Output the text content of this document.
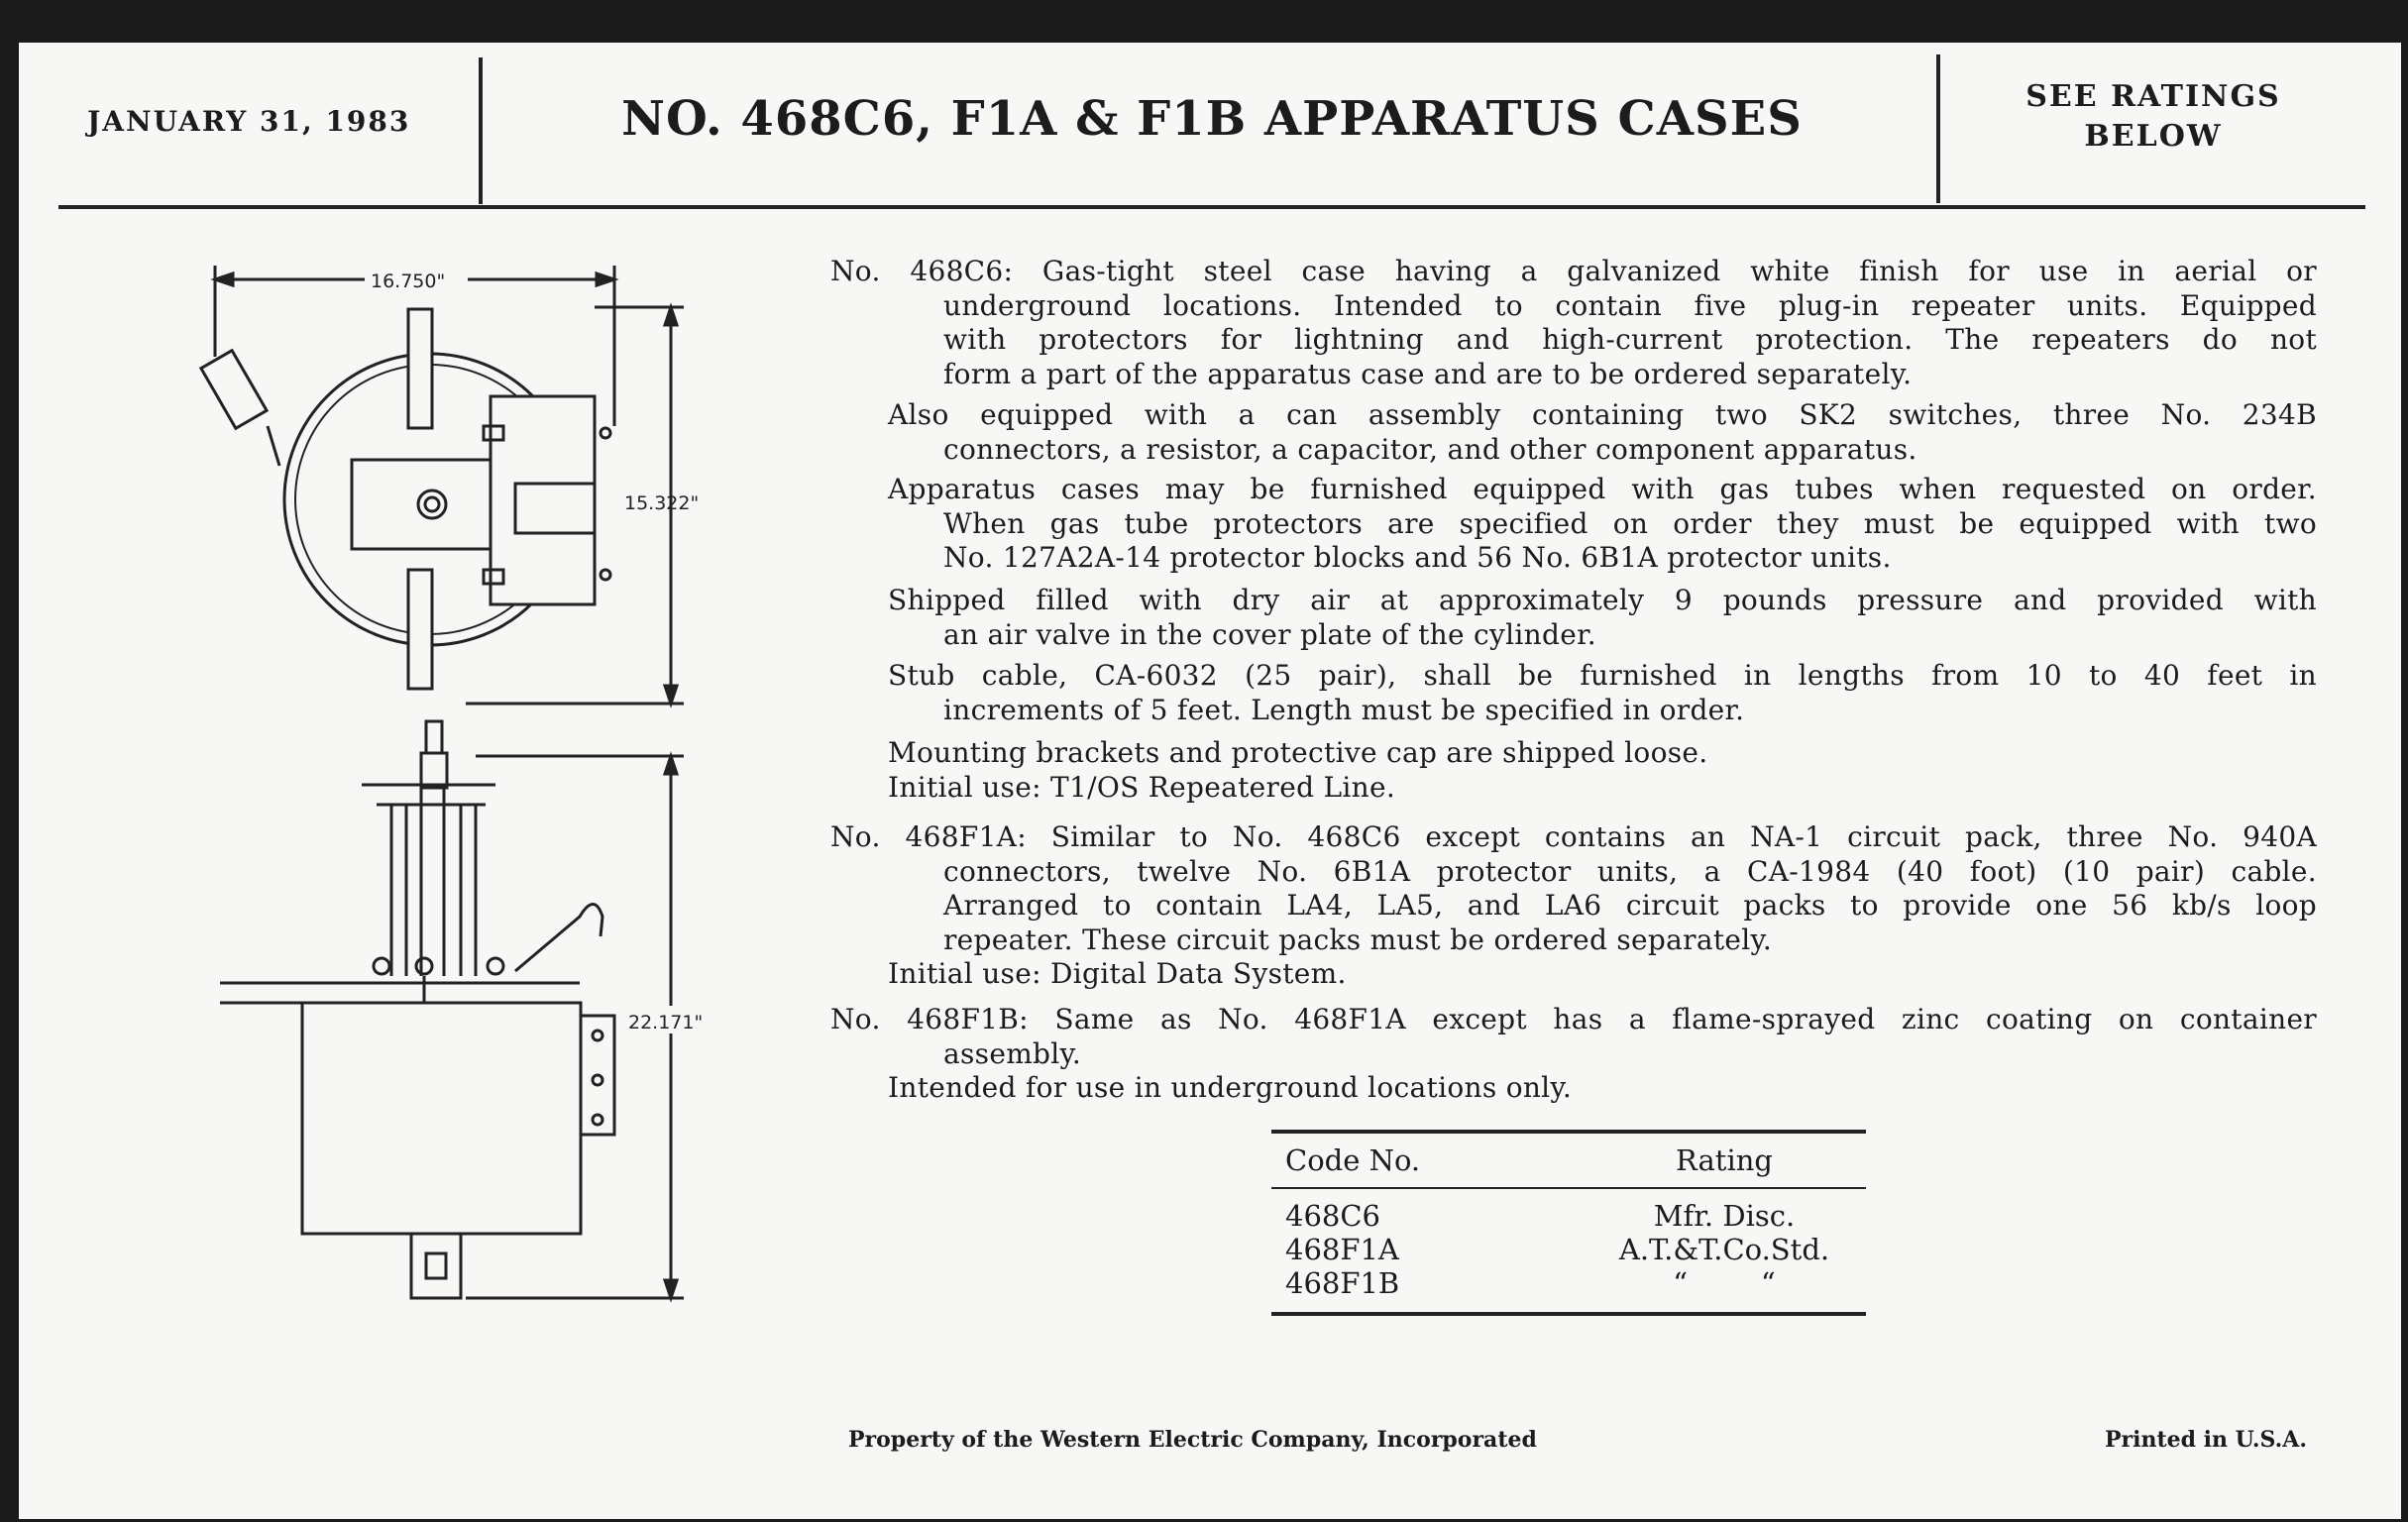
JANUARY 31, 1983	NO. 468C6, F1A & F1B APPARATUS CASES	SEE RATINGS
BELOW
16.750"
15.322"
22.171"
No. 468C6: Gas-tight steel case having a galvanized white finish for use in aerial or
underground locations. Intended to contain five plug-in repeater units. Equipped
with protectors for lightning and high-current protection. The repeaters do not
form a part of the apparatus case and are to be ordered separately.
Also equipped with a can assembly containing two SK2 switches, three No. 234B
connectors, a resistor, a capacitor, and other component apparatus.
Apparatus cases may be furnished equipped with gas tubes when requested on order.
When gas tube protectors are specified on order they must be equipped with two
No. 127A2A-14 protector blocks and 56 No. 6B1A protector units.
Shipped filled with dry air at approximately 9 pounds pressure and provided with
an air valve in the cover plate of the cylinder.
Stub cable, CA-6032 (25 pair), shall be furnished in lengths from 10 to 40 feet in
increments of 5 feet. Length must be specified in order.
Mounting brackets and protective cap are shipped loose.
Initial use: T1/OS Repeatered Line.
No. 468F1A: Similar to No. 468C6 except contains an NA-1 circuit pack, three No. 940A
connectors, twelve No. 6B1A protector units, a CA-1984 (40 foot) (10 pair) cable.
Arranged to contain LA4, LA5, and LA6 circuit packs to provide one 56 kb/s loop
repeater. These circuit packs must be ordered separately.
Initial use: Digital Data System.
No. 468F1B: Same as No. 468F1A except has a flame-sprayed zinc coating on container
assembly.
Intended for use in underground locations only.
Code No.	Rating
468C6	Mfr. Disc.
468F1A	A.T.&T.Co.Std.
468F1B	“        “
Property of the Western Electric Company, Incorporated	Printed in U.S.A.
